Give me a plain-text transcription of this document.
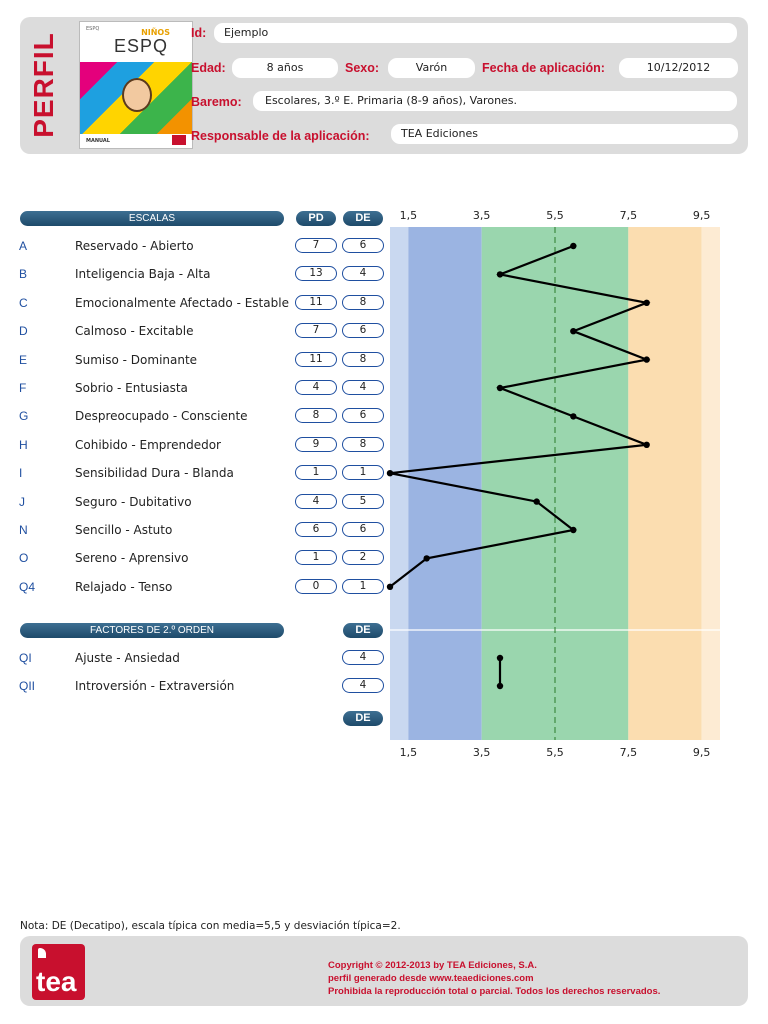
PERFIL
ESPQ	NIÑOS
ESPQ
MANUAL
Id:	Ejemplo
Edad:	8 años	Sexo:	Varón	Fecha de aplicación:	10/12/2012
Baremo:	Escolares, 3.º E. Primaria (8-9 años), Varones.
Responsable de la aplicación:	TEA Ediciones
ESCALAS	PD	DE
A	Reservado - Abierto	7	6
B	Inteligencia Baja - Alta	13	4
C	Emocionalmente Afectado - Estable	11	8
D	Calmoso - Excitable	7	6
E	Sumiso - Dominante	11	8
F	Sobrio - Entusiasta	4	4
G	Despreocupado - Consciente	8	6
H	Cohibido - Emprendedor	9	8
I	Sensibilidad Dura - Blanda	1	1
J	Seguro - Dubitativo	4	5
N	Sencillo - Astuto	6	6
O	Sereno - Aprensivo	1	2
Q4	Relajado - Tenso	0	1
FACTORES DE 2.º ORDEN	DE
QI	Ajuste - Ansiedad	4
QII	Introversión - Extraversión	4
DE
1,5	3,5	5,5	7,5	9,5
1,5	3,5	5,5	7,5	9,5
Nota: DE (Decatipo), escala típica con media=5,5 y desviación típica=2.
tea
Copyright © 2012-2013 by TEA Ediciones, S.A.
perfil generado desde www.teaediciones.com
Prohibida la reproducción total o parcial. Todos los derechos reservados.
